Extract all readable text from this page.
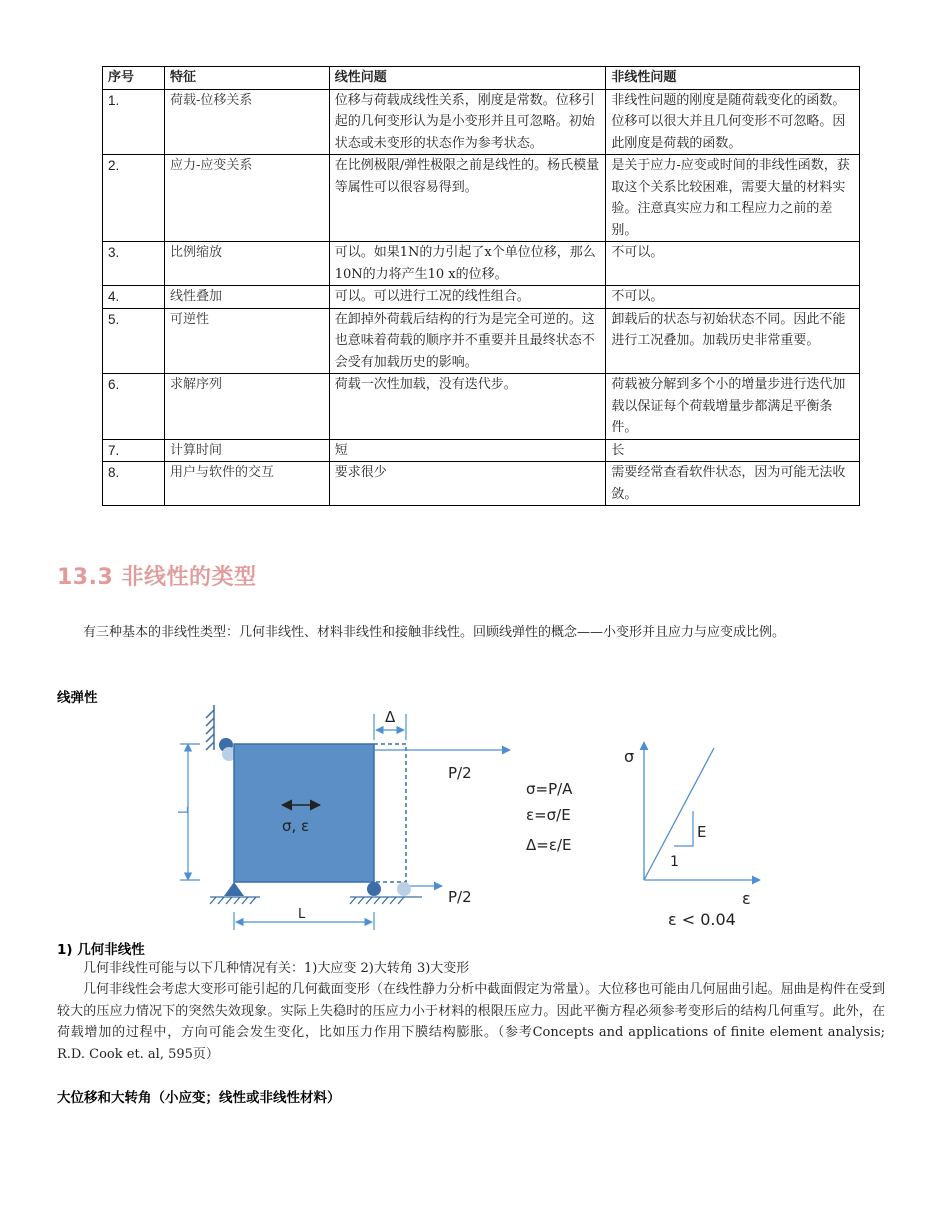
序号	特征	线性问题	非线性问题
1.	荷载-位移关系	位移与荷载成线性关系，刚度是常数。位移引起的几何变形认为是小变形并且可忽略。初始状态或未变形的状态作为参考状态。	非线性问题的刚度是随荷载变化的函数。位移可以很大并且几何变形不可忽略。因此刚度是荷载的函数。
2.	应力-应变关系	在比例极限/弹性极限之前是线性的。杨氏模量等属性可以很容易得到。	是关于应力-应变或时间的非线性函数，获取这个关系比较困难，需要大量的材料实验。注意真实应力和工程应力之前的差别。
3.	比例缩放	可以。如果1N的力引起了x个单位位移，那么10N的力将产生10 x的位移。	不可以。
4.	线性叠加	可以。可以进行工况的线性组合。	不可以。
5.	可逆性	在卸掉外荷载后结构的行为是完全可逆的。这也意味着荷载的顺序并不重要并且最终状态不会受有加载历史的影响。	卸载后的状态与初始状态不同。因此不能进行工况叠加。加载历史非常重要。
6.	求解序列	荷载一次性加载，没有迭代步。	荷载被分解到多个小的增量步进行迭代加载以保证每个荷载增量步都满足平衡条件。
7.	计算时间	短	长
8.	用户与软件的交互	要求很少	需要经常查看软件状态，因为可能无法收敛。
13.3 非线性的类型
有三种基本的非线性类型：几何非线性、材料非线性和接触非线性。回顾线弹性的概念——小变形并且应力与应变成比例。
线弹性
L
σ, ε
Δ
P/2
P/2
L
σ=P/A
ε=σ/E
Δ=ε/E
σ
ε
E
1
ε < 0.04
1) 几何非线性
几何非线性可能与以下几种情况有关：1)大应变 2)大转角 3)大变形
几何非线性会考虑大变形可能引起的几何截面变形（在线性静力分析中截面假定为常量）。大位移也可能由几何屈曲引起。屈曲是构件在受到较大的压应力情况下的突然失效现象。实际上失稳时的压应力小于材料的根限压应力。因此平衡方程必须参考变形后的结构几何重写。此外，在荷载增加的过程中，方向可能会发生变化，比如压力作用下膜结构膨胀。（参考Concepts and applications of finite element analysis; R.D. Cook et. al, 595页）
大位移和大转角（小应变；线性或非线性材料）
